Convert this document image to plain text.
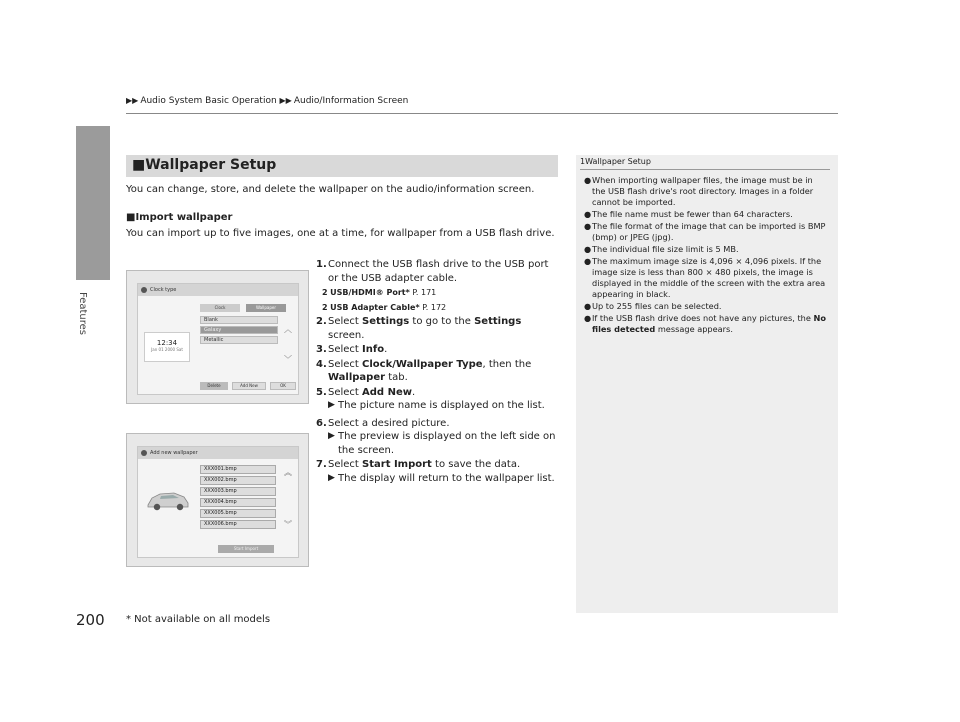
▶▶ Audio System Basic Operation ▶▶ Audio/Information Screen
Features
■Wallpaper Setup
You can change, store, and delete the wallpaper on the audio/information screen.
■Import wallpaper
You can import up to five images, one at a time, for wallpaper from a USB flash drive.
Clock type
Clock	Wallpaper
12:34
Jan 01 2000 Sat
Blank
Galaxy
Metallic
︿
﹀
Delete	Add New	OK
Add new wallpaper
XXX001.bmp
XXX002.bmp
XXX003.bmp
XXX004.bmp
XXX005.bmp
XXX006.bmp
︽
︾
Start Import
1. Connect the USB flash drive to the USB port or the USB adapter cable.
2 USB/HDMI® Port* P. 171
2 USB Adapter Cable* P. 172
2. Select Settings to go to the Settings screen.
3. Select Info.
4. Select Clock/Wallpaper Type, then the Wallpaper tab.
5. Select Add New.
▶ The picture name is displayed on the list.
6. Select a desired picture.
▶ The preview is displayed on the left side on the screen.
7. Select Start Import to save the data.
▶ The display will return to the wallpaper list.
1Wallpaper Setup
● When importing wallpaper files, the image must be in the USB flash drive's root directory. Images in a folder cannot be imported.
● The file name must be fewer than 64 characters.
● The file format of the image that can be imported is BMP (bmp) or JPEG (jpg).
● The individual file size limit is 5 MB.
● The maximum image size is 4,096 × 4,096 pixels. If the image size is less than 800 × 480 pixels, the image is displayed in the middle of the screen with the extra area appearing in black.
● Up to 255 files can be selected.
● If the USB flash drive does not have any pictures, the No files detected message appears.
200 * Not available on all models
